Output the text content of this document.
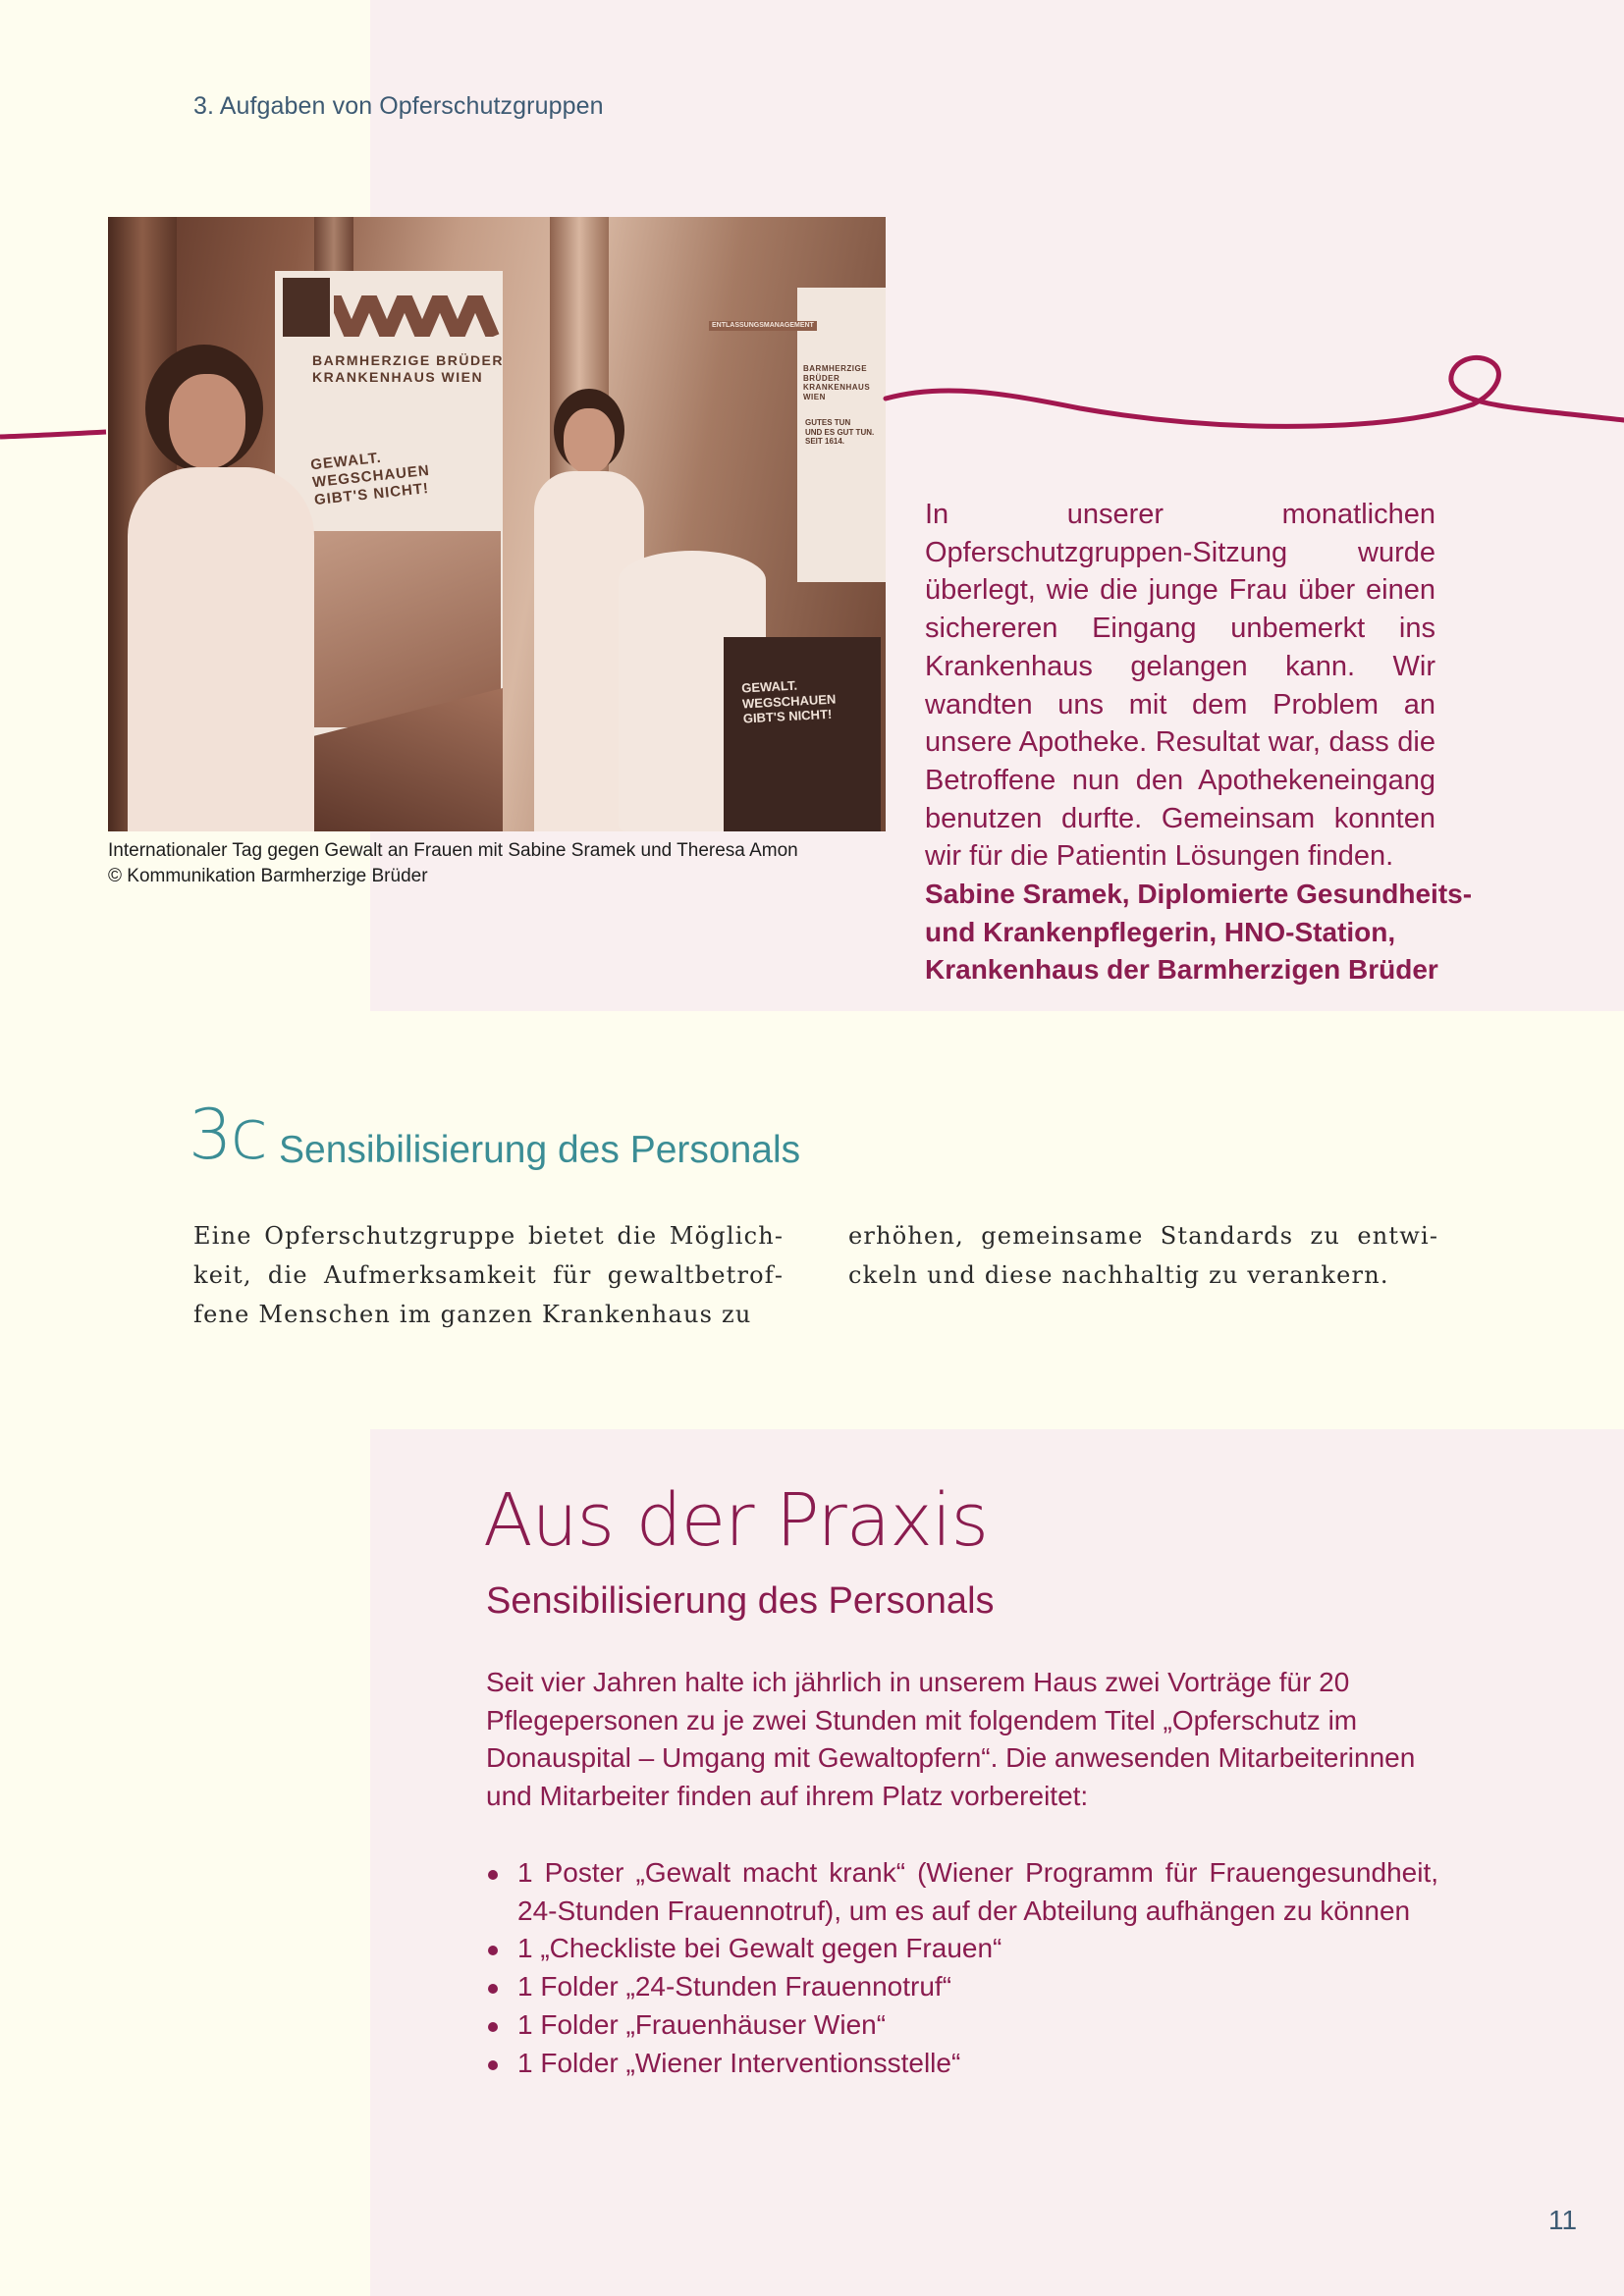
3. Aufgaben von Opferschutzgruppen
BARMHERZIGE BRÜDER
KRANKENHAUS WIEN
GEWALT.
WEGSCHAUEN
GIBT'S NICHT!
BARMHERZIGE BRÜDER
KRANKENHAUS WIEN
GUTES TUN
UND ES GUT TUN.
SEIT 1614.
ENTLASSUNGSMANAGEMENT
GEWALT.
WEGSCHAUEN
GIBT'S NICHT!
Internationaler Tag gegen Gewalt an Frauen mit Sabine Sramek und Theresa Amon
© Kommunikation Barmherzige Brüder

In unserer monatlichen Opferschutzgruppen-Sitzung wurde überlegt, wie die junge Frau über einen sichereren Eingang unbemerkt ins Krankenhaus gelangen kann. Wir wandten uns mit dem Problem an unsere Apotheke. Resultat war, dass die Betroffene nun den Apothekeneingang benutzen durfte. Gemeinsam konnten wir für die Patientin Lösungen finden.

Sabine Sramek, Diplomierte Gesundheits- und Krankenpflegerin, HNO-Station, Krankenhaus der Barmherzigen Brüder

3c Sensibilisierung des Personals

Eine Opferschutzgruppe bietet die Möglichkeit, die Aufmerksamkeit für gewaltbetroffene Menschen im ganzen Krankenhaus zu

erhöhen, gemeinsame Standards zu entwickeln und diese nachhaltig zu verankern.

Aus der Praxis
Sensibilisierung des Personals

Seit vier Jahren halte ich jährlich in unserem Haus zwei Vorträge für 20 Pflegepersonen zu je zwei Stunden mit folgendem Titel „Opferschutz im Donauspital – Umgang mit Gewaltopfern“. Die anwesenden Mitarbeiterinnen und Mitarbeiter finden auf ihrem Platz vorbereitet:

1 Poster „Gewalt macht krank“ (Wiener Programm für Frauengesundheit, 24-Stunden Frauennotruf), um es auf der Abteilung aufhängen zu können
1 „Checkliste bei Gewalt gegen Frauen“
1 Folder „24-Stunden Frauennotruf“
1 Folder „Frauenhäuser Wien“
1 Folder „Wiener Interventionsstelle“
11
